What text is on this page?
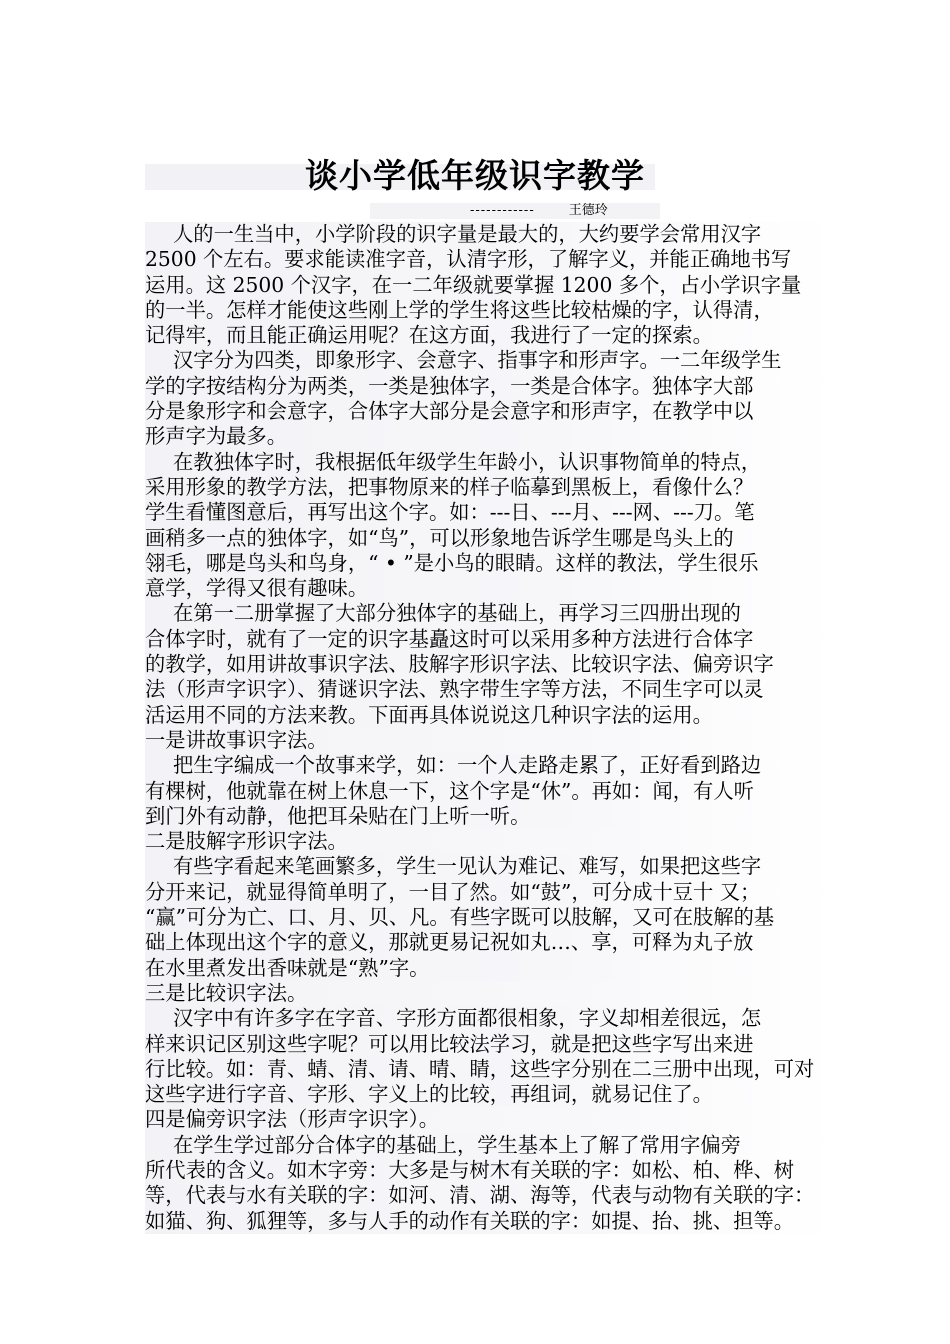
谈小学低年级识字教学
------------	王德玲
人的一生当中，小学阶段的识字量是最大的，大约要学会常用汉字
2500 个左右。要求能读准字音，认清字形，了解字义，并能正确地书写
运用。这 2500 个汉字，在一二年级就要掌握 1200 多个，占小学识字量
的一半。怎样才能使这些刚上学的学生将这些比较枯燥的字，认得清，
记得牢，而且能正确运用呢？在这方面，我进行了一定的探索。
汉字分为四类，即象形字、会意字、指事字和形声字。一二年级学生
学的字按结构分为两类，一类是独体字，一类是合体字。独体字大部
分是象形字和会意字，合体字大部分是会意字和形声字，在教学中以
形声字为最多。
在教独体字时，我根据低年级学生年龄小，认识事物简单的特点，
采用形象的教学方法，把事物原来的样子临摹到黑板上，看像什么？
学生看懂图意后，再写出这个字。如：---日、---月、---网、---刀。笔
画稍多一点的独体字，如“鸟”，可以形象地告诉学生哪是鸟头上的
翎毛，哪是鸟头和鸟身，“ • ”是小鸟的眼睛。这样的教法，学生很乐
意学，学得又很有趣味。
在第一二册掌握了大部分独体字的基础上，再学习三四册出现的
合体字时，就有了一定的识字基矗这时可以采用多种方法进行合体字
的教学，如用讲故事识字法、肢解字形识字法、比较识字法、偏旁识字
法（形声字识字）、猜谜识字法、熟字带生字等方法，不同生字可以灵
活运用不同的方法来教。下面再具体说说这几种识字法的运用。
一是讲故事识字法。
把生字编成一个故事来学，如：一个人走路走累了，正好看到路边
有棵树，他就靠在树上休息一下，这个字是“休”。再如：闻，有人听
到门外有动静，他把耳朵贴在门上听一听。
二是肢解字形识字法。
有些字看起来笔画繁多，学生一见认为难记、难写，如果把这些字
分开来记，就显得简单明了，一目了然。如“鼓”，可分成十豆十 又；
“赢”可分为亡、口、月、贝、凡。有些字既可以肢解，又可在肢解的基
础上体现出这个字的意义，那就更易记祝如丸…、享，可释为丸子放
在水里煮发出香味就是“熟”字。
三是比较识字法。
汉字中有许多字在字音、字形方面都很相象，字义却相差很远，怎
样来识记区别这些字呢？可以用比较法学习，就是把这些字写出来进
行比较。如：青、蜻、清、请、晴、睛，这些字分别在二三册中出现，可对
这些字进行字音、字形、字义上的比较，再组词，就易记住了。
四是偏旁识字法（形声字识字）。
在学生学过部分合体字的基础上，学生基本上了解了常用字偏旁
所代表的含义。如木字旁：大多是与树木有关联的字：如松、柏、桦、树
等，代表与水有关联的字：如河、清、湖、海等，代表与动物有关联的字：
如猫、狗、狐狸等，多与人手的动作有关联的字：如提、抬、挑、担等。
